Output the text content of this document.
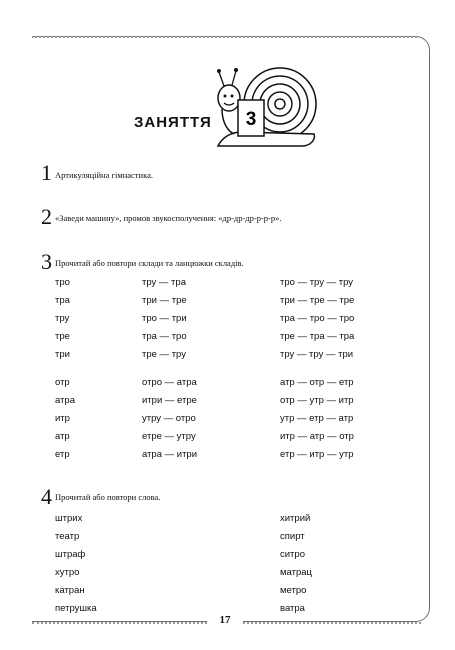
17
ЗАНЯТТЯ 3
1 Артикуляційна гімнастика.
2 «Заведи машину», промов звукосполучення: «др-др-др-р-р-р».
3 Прочитай або повтори склади та ланцюжки складів.
тро
тра
тру
тре
три
тру — тра
три — тре
тро — три
тра — тро
тре — тру
тро — тру — тру
три — тре — тре
тра — тро — тро
тре — тра — тра
тру — тру — три
отр
атра
итр
атр
етр
отро — атра
итри — етре
утру — отро
етре — утру
атра — итри
атр — отр — етр
отр — утр — итр
утр — етр — атр
итр — атр — отр
етр — итр — утр
4 Прочитай або повтори слова.
штрих
театр
штраф
хутро
катран
петрушка
хитрий
спирт
ситро
матрац
метро
ватра
